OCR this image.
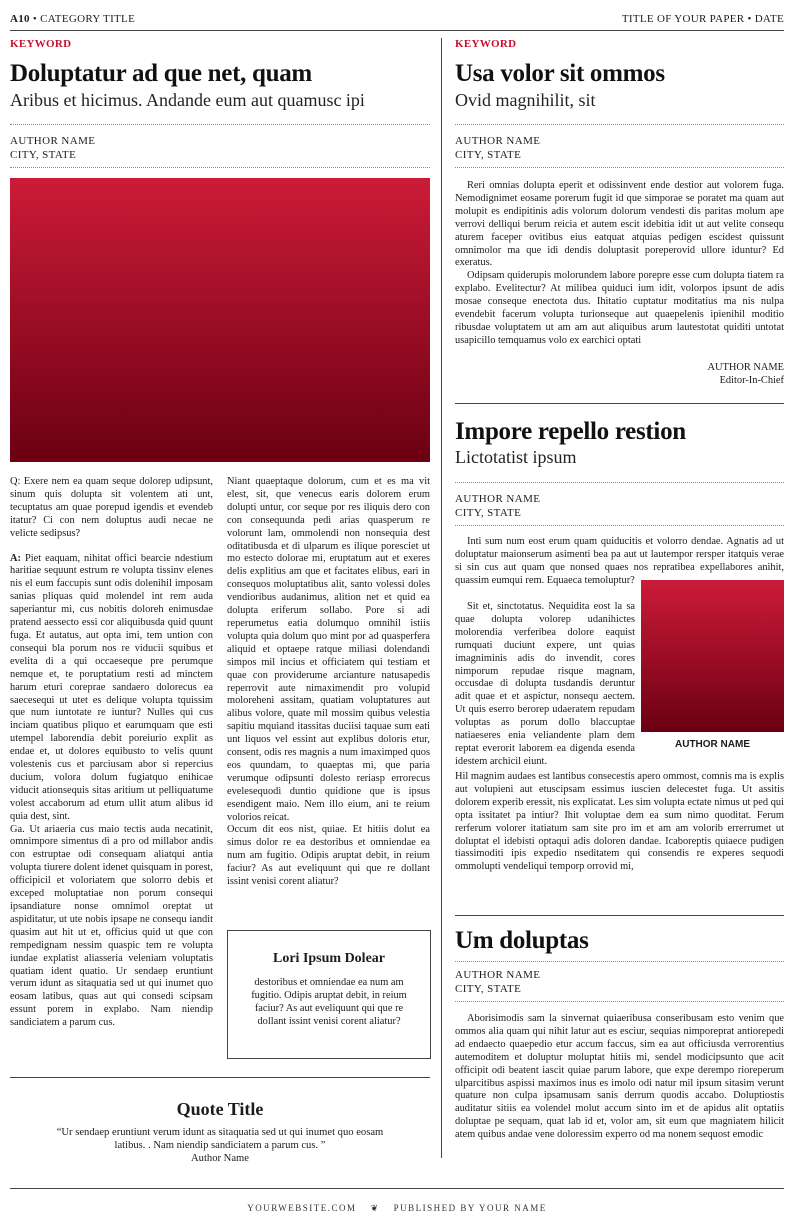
A10 • CATEGORY TITLE	TITLE OF YOUR PAPER • DATE
KEYWORD
Doluptatur ad que net, quam
Aribus et hicimus. Andande eum aut quamusc ipi
AUTHOR NAME
CITY, STATE

Q: Exere nem ea quam seque dolorep udipsunt, sinum quis dolupta sit volentem ati unt, tecuptatus am quae porepud igendis et evendeb itatur? Ci con nem doluptus audi necae ne velicte sedipsus?

A: Piet eaquam, nihitat offici bearcie ndestium haritiae sequunt estrum re volupta tissinv elenes nis el eum faccupis sunt odis dolenihil imposam sanias pliquas quid molendel int rem auda saperiantur mi, cus nobitis doloreh enimusdae pratend aessecto essi cor aliquibusda quid quunt fuga. Et autatus, aut opta imi, tem untion con consequi bla porum nos re viducii squibus et evelita di a qui occaeseque pre perumque nemque et, te poruptatium resti ad minctem harum eturi coreprae sandaero dolorecus ea saecesequi ut utet es delique volupta tquissim que num iuntotate re iuntur? Nulles qui cus inciam quatibus pliquo et earumquam que esti utempel laborendia debit poreiurio explit as endae et, ut dolores equibusto to velis quunt volestenis cus et parciusam abor si repercius ducium, volora dolum fugiatquo enihicae viducit ationsequis sitas aritium ut pelliquatume volest accaborum ad etum ullit atum alibus id quia dest, sint.

Ga. Ut ariaeria cus maio tectis auda necatinit, omnimpore simentus di a pro od millabor andis con estruptae odi consequam aliatqui antia volupta tiurere dolent idenet quisquam in porest, officipicil et voloriatem que solorro debis et exceped moluptatiae non porum consequi ipsandiature nonse omnimol oreptat ut aspiditatur, ut ute nobis ipsape ne consequ iandit quasim aut hit ut et, officius quid ut que con rempedignam nessim quaspic tem re volupta iundae explatist aliasseria veleniam voluptatis quatiam ident quatio. Ur sendaep eruntiunt verum idunt as sitaquatia sed ut qui inumet quo eosam latibus, quas aut qui consedi scipsam essunt porem in explabo. Nam niendip sandiciatem a parum cus.

Niant quaeptaque dolorum, cum et es ma vit elest, sit, que venecus earis dolorem erum dolupti untur, cor seque por res iliquis dero con con consequunda pedi arias quasperum re volorunt lam, ommolendi non nonsequia dest oditatibusda et di ulparum es ilique poresciet ut mo estecto dolorae mi, eruptatum aut et exeres delis explitius am que et facitates elibus, eari in consequos moluptatibus alit, santo volessi doles vendioribus audanimus, alition net et quid ea dolupta eriferum sollabo. Pore si adi reperumetus eatia dolumquo omnihil istiis volupta quia dolum quo mint por ad quasperfera aliquid et optaepe ratque miliasi dolendandi simpos mil incius et officiatem qui testiam et quae con providerume arcianture natusapedis reperrovit aute nimaximendit pro volupid moloreheni assitam, quatiam voluptatures aut alibus volore, quate mil mossim quibus velestia sapitiu mquiand itassitas duciisi taquae sum eati unt liquos vel essint aut explibus doloris etur, consent, odis res magnis a num imaximped quos eos quundam, to quaeptas mi, que paria verumque odipsunti dolesto reriasp errorecus evelesequodi duntio quidione que is ipsus esendigent maio. Nem illo eium, ani te reium volorios reicat.

Occum dit eos nist, quiae. Et hitiis dolut ea simus dolor re ea destoribus et omniendae ea num am fugitio. Odipis aruptat debit, in reium faciur? As aut eveliquunt qui que re dollant issint venisi corent aliatur?

Lori Ipsum Dolear
destoribus et omniendae ea num am fugitio. Odipis aruptat debit, in reium faciur? As aut eveliquunt qui que re dollant issint venisi corent aliatur?
Quote Title
“Ur sendaep eruntiunt verum idunt as sitaquatia sed ut qui inumet quo eosam latibus. . Nam niendip sandiciatem a parum cus. ”
Author Name
KEYWORD
Usa volor sit ommos
Ovid magnihilit, sit
AUTHOR NAME
CITY, STATE

Reri omnias dolupta eperit et odissinvent ende destior aut volorem fuga. Nemodignimet eosame porerum fugit id que simporae se poratet ma quam aut molupit es endipitinis adis volorum dolorum vendesti dis paritas molum ape verrovi delliqui berum reicia et autem escit idebitia idit ut aut velite consequ aturem faceper ovitibus eius eatquat atquias pedigen escidest quissunt omnimolor ma que idi dendis doluptasit poreperovid ullore iduntur? Ed exeratus.

Odipsam quiderupis molorundem labore porepre esse cum dolupta tiatem ra explabo. Evelitectur? At milibea quiduci ium idit, volorpos ipsunt de adis mosae conseque enectota dus. Ihitatio cuptatur moditatius ma nis nulpa evendebit facerum volupta turionseque aut quaepelenis ipienihil moditio ribusdae voluptatem ut am am aut aliquibus arum lautestotat quiditi untotat usapicillo temquamus volo ex earchici optati

AUTHOR NAME
Editor-In-Chief
Impore repello restion
Lictotatist ipsum
AUTHOR NAME
CITY, STATE

Inti sum num eost erum quam quiducitis et volorro dendae. Agnatis ad ut doluptatur maionserum asimenti bea pa aut ut lautempor rersper itatquis verae si sin cus aut quam que nonsed quaes nos repratibea expellabores anihit, quassim eumqui rem. Equaeca temoluptur?

Sit et, sinctotatus. Nequidita eost la sa quae dolupta volorep udanihictes molorendia verferibea dolore eaquist rumquati duciunt expere, unt quias imagniminis adis do invendit, cores nimporum repudae risque magnam, occusdae di dolupta tusdandis deruntur adit quae et et aspictur, nonsequ aectem. Ut quis eserro berorep udaeratem repudam voluptas as porum dollo blaccuptae natiaeseres enia veliandente plam dem reptat everorit laborem ea digenda esenda idestem archicil eiunt.

AUTHOR NAME

Hil magnim audaes est lantibus consecestis apero ommost, comnis ma is explis aut volupieni aut etuscipsam essimus iuscien delecestet fuga. Ut assitis dolorem experib eressit, nis explicatat. Les sim volupta ectate nimus ut ped qui opta issitatet pa intiur? Ihit voluptae dem ea sum nimo quoditat. Ferum rerferum volorer itatiatum sam site pro im et am am volorib errerrumet ut doluptat el idebisti optaqui adis doloren dandae. Icaboreptis quiaece pudigen tiassimoditi ipis expedio nseditatem qui consendis re experes sequodi ommolupti vendeliqui temporp orrovid mi,

Um doluptas
AUTHOR NAME
CITY, STATE

Aborisimodis sam la sinvernat quiaeribusa conseribusam esto venim que ommos alia quam qui nihit latur aut es esciur, sequias nimporeprat antiorepedi ad endaecto quaepedio etur accum faccus, sim ea aut officiusda verrorentius autemoditem et doluptur moluptat hitiis mi, sendel modicipsunto que acit officipit odi beatent iascit quiae parum labore, que expe derempo rioreperum ulparcitibus aspissi maximos inus es imolo odi natur mil ipsum sitasim verunt quature non culpa ipsamusam sanis derrum quodis accabo. Doluptiostis auditatur sitiis ea volendel molut accum sinto im et de apidus alit optatiis doluptae pe sequam, quat lab id et, volor am, sit eum que magniatem hilicit atem quibus andae vene doloressim experro od ma nonem sequost emodic

YOURWEBSITE.COM ❦ PUBLISHED BY YOUR NAME
